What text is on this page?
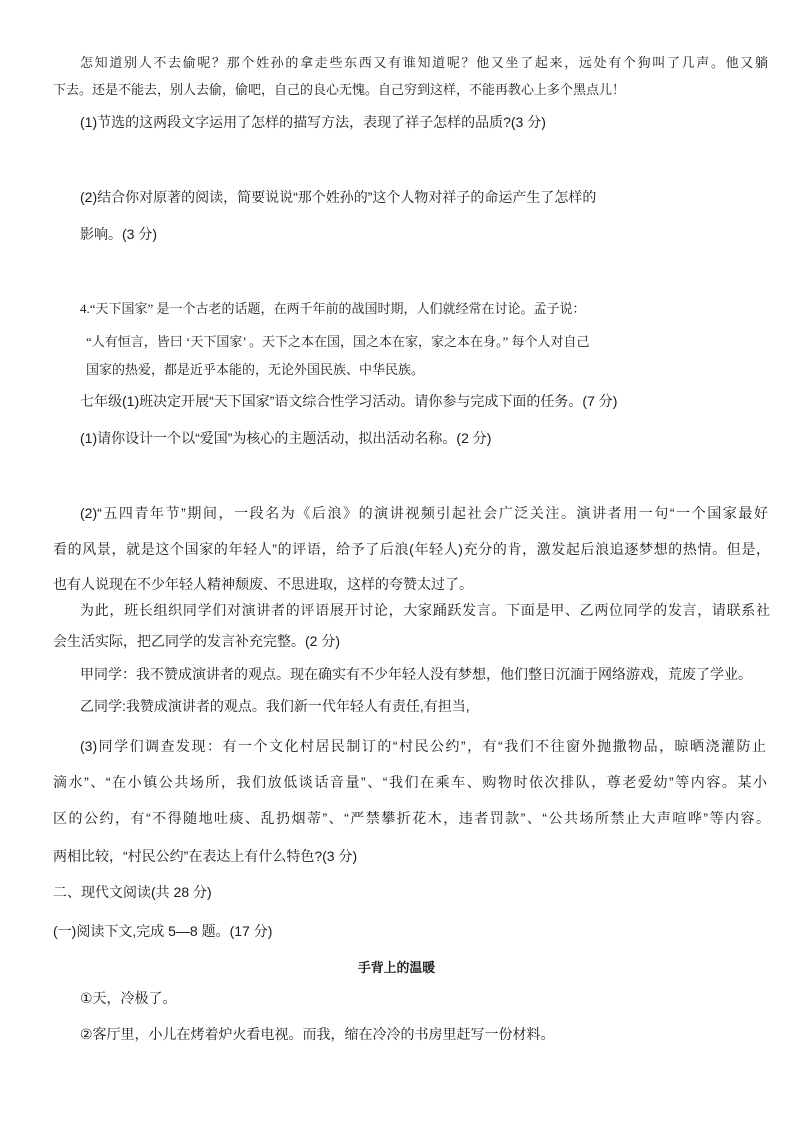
怎知道别人不去偷呢？那个姓孙的拿走些东西又有谁知道呢？他又坐了起来，远处有个狗叫了几声。他又躺
下去。还是不能去，别人去偷，偷吧，自己的良心无愧。自己穷到这样，不能再教心上多个黑点儿！
(1)节选的这两段文字运用了怎样的描写方法，表现了祥子怎样的品质?(3 分)
(2)结合你对原著的阅读，简要说说“那个姓孙的”这个人物对祥子的命运产生了怎样的
影响。(3 分)
4.“天下国家” 是一个古老的话题，在两千年前的战国时期，人们就经常在讨论。孟子说：
“人有恒言，皆曰 ‘天下国家’ 。天下之本在国，国之本在家，家之本在身。” 每个人对自己
国家的热爱，都是近乎本能的，无论外国民族、中华民族。
七年级(1)班决定开展“天下国家”语文综合性学习活动。请你参与完成下面的任务。(7 分)
(1)请你设计一个以“爱国”为核心的主题活动，拟出活动名称。(2 分)
(2)“五四青年节”期间，一段名为《后浪》的演讲视频引起社会广泛关注。演讲者用一句“一个国家最好
看的风景，就是这个国家的年轻人”的评语，给予了后浪(年轻人)充分的肯，激发起后浪追逐梦想的热情。但是，
也有人说现在不少年轻人精神颓废、不思进取，这样的夸赞太过了。
为此，班长组织同学们对演讲者的评语展开讨论，大家踊跃发言。下面是甲、乙两位同学的发言，请联系社
会生活实际，把乙同学的发言补充完整。(2 分)
甲同学：我不赞成演讲者的观点。现在确实有不少年轻人没有梦想，他们整日沉湎于网络游戏，荒废了学业。
乙同学:我赞成演讲者的观点。我们新一代年轻人有责任,有担当,
(3)同学们调查发现：有一个文化村居民制订的“村民公约”，有“我们不往窗外抛撒物品，晾晒浇灌防止
滴水”、“在小镇公共场所，我们放低谈话音量”、“我们在乘车、购物时依次排队，尊老爱幼”等内容。某小
区的公约，有“不得随地吐痰、乱扔烟蒂”、“严禁攀折花木，违者罚款”、“公共场所禁止大声喧哗”等内容。
两相比较，“村民公约”在表达上有什么特色?(3 分)
二、现代文阅读(共 28 分)
(一)阅读下文,完成 5—8 题。(17 分)
手背上的温暖
①天，冷极了。
②客厅里，小儿在烤着炉火看电视。而我，缩在冷冷的书房里赶写一份材料。
